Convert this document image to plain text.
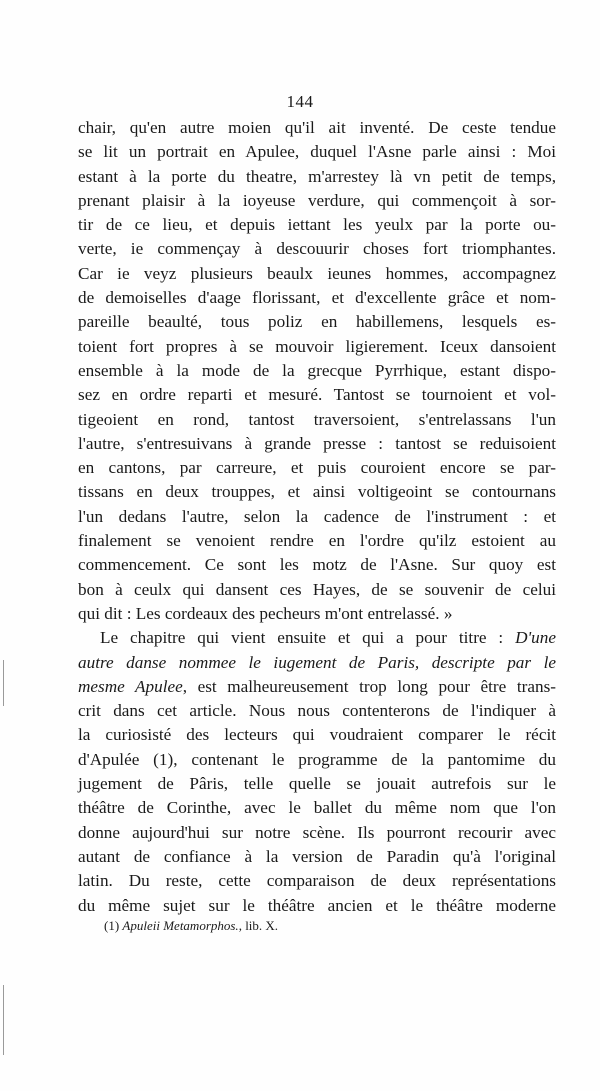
144
chair, qu'en autre moien qu'il ait inventé. De ceste tendue
se lit un portrait en Apulee, duquel l'Asne parle ainsi : Moi
estant à la porte du theatre, m'arrestey là vn petit de temps,
prenant plaisir à la ioyeuse verdure, qui commençoit à sor-
tir de ce lieu, et depuis iettant les yeulx par la porte ou-
verte, ie commençay à descouurir choses fort triomphantes.
Car ie veyz plusieurs beaulx ieunes hommes, accompagnez
de demoiselles d'aage florissant, et d'excellente grâce et nom-
pareille beaulté, tous poliz en habillemens, lesquels es-
toient fort propres à se mouvoir ligierement. Iceux dansoient
ensemble à la mode de la grecque Pyrrhique, estant dispo-
sez en ordre reparti et mesuré. Tantost se tournoient et vol-
tigeoient en rond, tantost traversoient, s'entrelassans l'un
l'autre, s'entresuivans à grande presse : tantost se reduisoient
en cantons, par carreure, et puis couroient encore se par-
tissans en deux trouppes, et ainsi voltigeoint se contournans
l'un dedans l'autre, selon la cadence de l'instrument : et
finalement se venoient rendre en l'ordre qu'ilz estoient au
commencement. Ce sont les motz de l'Asne. Sur quoy est
bon à ceulx qui dansent ces Hayes, de se souvenir de celui
qui dit : Les cordeaux des pecheurs m'ont entrelassé. »
Le chapitre qui vient ensuite et qui a pour titre : D'une
autre danse nommee le iugement de Paris, descripte par le
mesme Apulee, est malheureusement trop long pour être trans-
crit dans cet article. Nous nous contenterons de l'indiquer à
la curiosisté des lecteurs qui voudraient comparer le récit
d'Apulée (1), contenant le programme de la pantomime du
jugement de Pâris, telle quelle se jouait autrefois sur le
théâtre de Corinthe, avec le ballet du même nom que l'on
donne aujourd'hui sur notre scène. Ils pourront recourir avec
autant de confiance à la version de Paradin qu'à l'original
latin. Du reste, cette comparaison de deux représentations
du même sujet sur le théâtre ancien et le théâtre moderne
(1) Apuleii Metamorphos., lib. X.
